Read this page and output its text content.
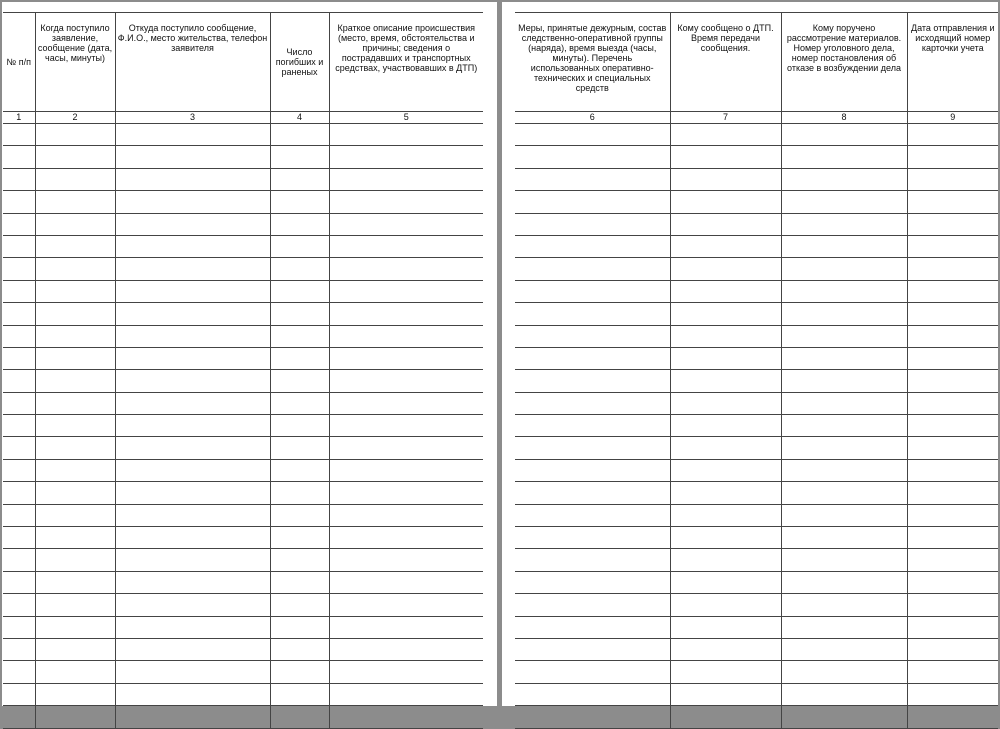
№ п/п	Когда поступило заявление, сообщение (дата, часы, минуты)	Откуда поступило сообщение, Ф.И.О., место жительства, телефон заявителя	Число погибших и раненых	Краткое описание происшествия (место, время, обстоятельства и причины; сведения о пострадавших и транспортных средствах, участвовавших в ДТП)
1	2	3	4	5

Меры, принятые дежурным, состав следственно-оперативной группы (наряда), время выезда (часы, минуты). Перечень использованных оперативно-технических и специальных средств	Кому сообщено о ДТП. Время передачи сообщения.	Кому поручено рассмотрение материалов. Номер уголовного дела, номер постановления об отказе в возбуждении дела	Дата отправления и исходящий номер карточки учета
6	7	8	9
